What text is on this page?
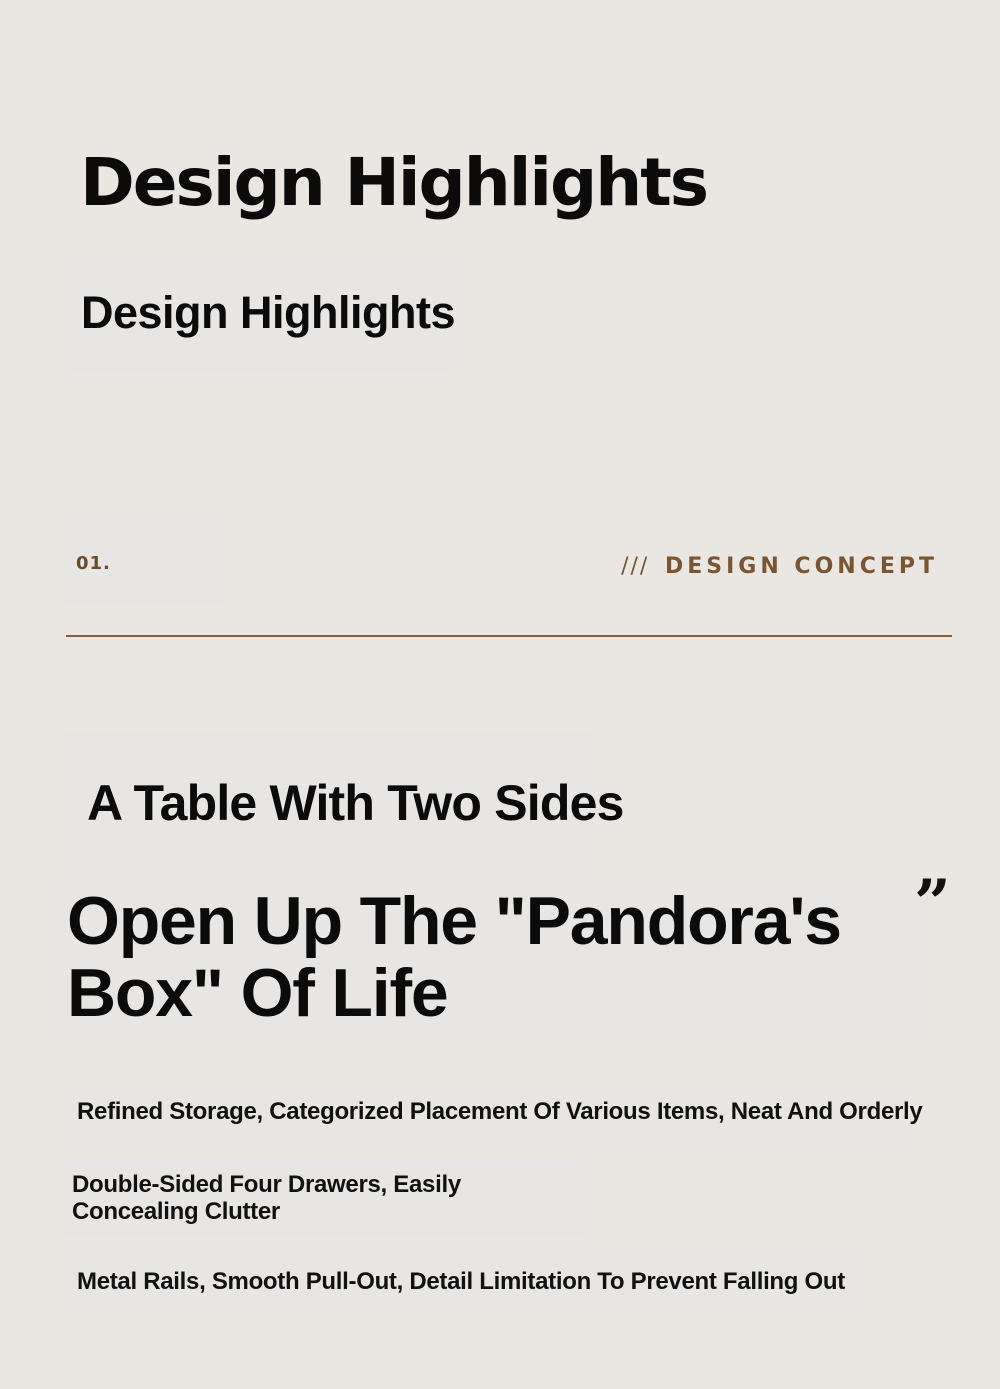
Design Highlights
Design Highlights
01.	/// DESIGN CONCEPT
A Table With Two Sides
Open Up The "Pandora's Box" Of Life
”
Refined Storage, Categorized Placement Of Various Items, Neat And Orderly
Double-Sided Four Drawers, Easily Concealing Clutter
Metal Rails, Smooth Pull-Out, Detail Limitation To Prevent Falling Out
